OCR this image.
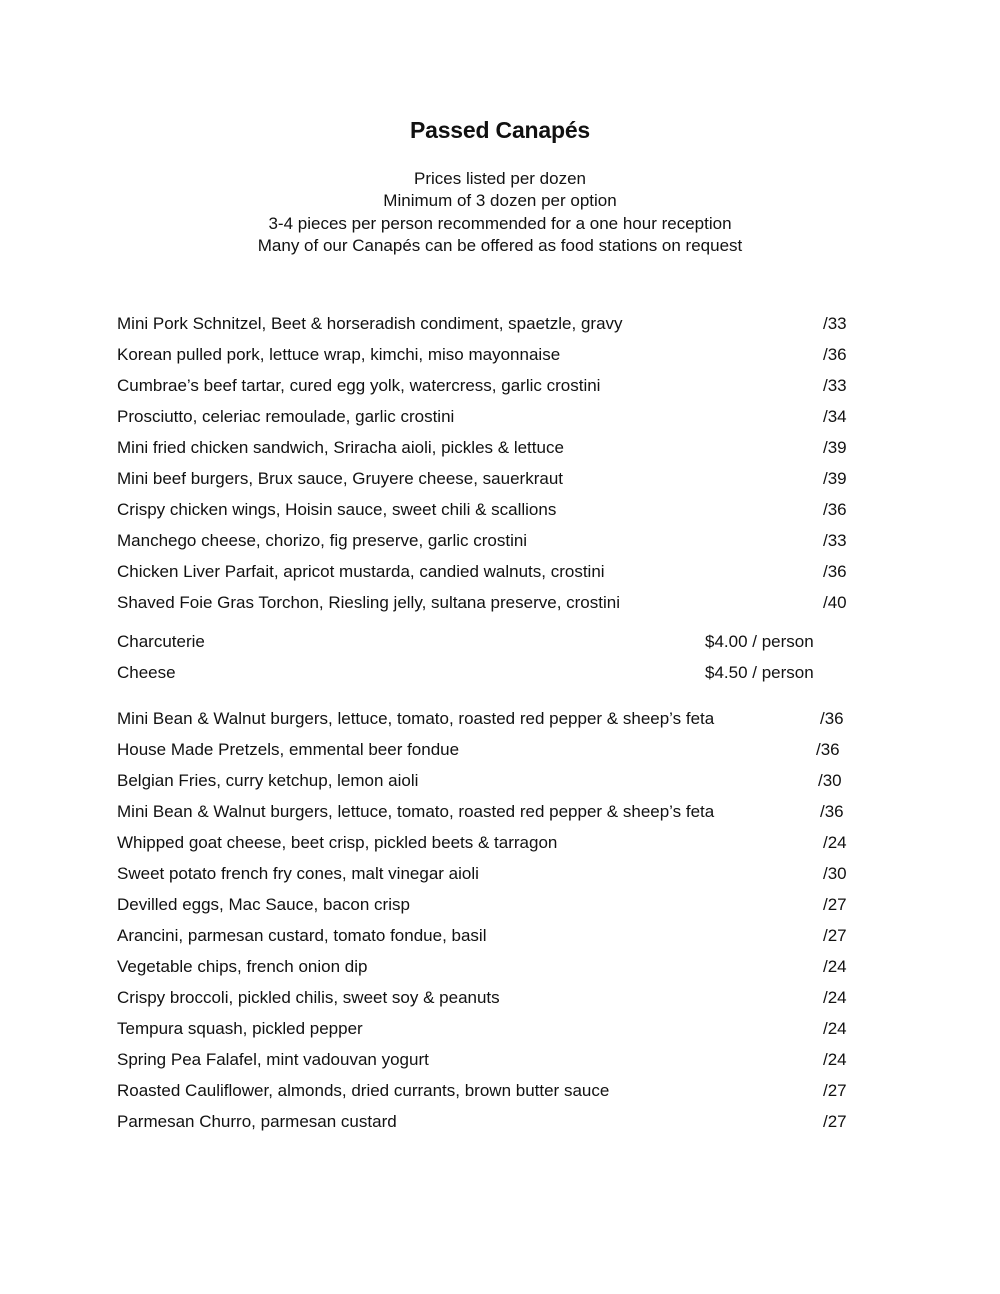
Passed Canapés
Prices listed per dozen
Minimum of 3 dozen per option
3-4 pieces per person recommended for a one hour reception
Many of our Canapés can be offered as food stations on request
Mini Pork Schnitzel, Beet & horseradish condiment, spaetzle, gravy	/33
Korean pulled pork, lettuce wrap, kimchi, miso mayonnaise	/36
Cumbrae’s beef tartar, cured egg yolk, watercress, garlic crostini	/33
Prosciutto, celeriac remoulade, garlic crostini	/34
Mini fried chicken sandwich, Sriracha aioli, pickles & lettuce	/39
Mini beef burgers, Brux sauce, Gruyere cheese, sauerkraut	/39
Crispy chicken wings, Hoisin sauce, sweet chili & scallions	/36
Manchego cheese, chorizo, fig preserve, garlic crostini	/33
Chicken Liver Parfait, apricot mustarda, candied walnuts, crostini	/36
Shaved Foie Gras Torchon, Riesling jelly, sultana preserve, crostini	/40
Charcuterie	$4.00 / person
Cheese	$4.50 / person
Mini Bean & Walnut burgers, lettuce, tomato, roasted red pepper & sheep’s feta	/36
House Made Pretzels, emmental beer fondue	/36
Belgian Fries, curry ketchup, lemon aioli	/30
Mini Bean & Walnut burgers, lettuce, tomato, roasted red pepper & sheep’s feta	/36
Whipped goat cheese, beet crisp, pickled beets & tarragon	/24
Sweet potato french fry cones, malt vinegar aioli	/30
Devilled eggs, Mac Sauce, bacon crisp	/27
Arancini, parmesan custard, tomato fondue, basil	/27
Vegetable chips, french onion dip	/24
Crispy broccoli, pickled chilis, sweet soy & peanuts	/24
Tempura squash, pickled pepper	/24
Spring Pea Falafel, mint vadouvan yogurt	/24
Roasted Cauliflower, almonds, dried currants, brown butter sauce	/27
Parmesan Churro, parmesan custard	/27
